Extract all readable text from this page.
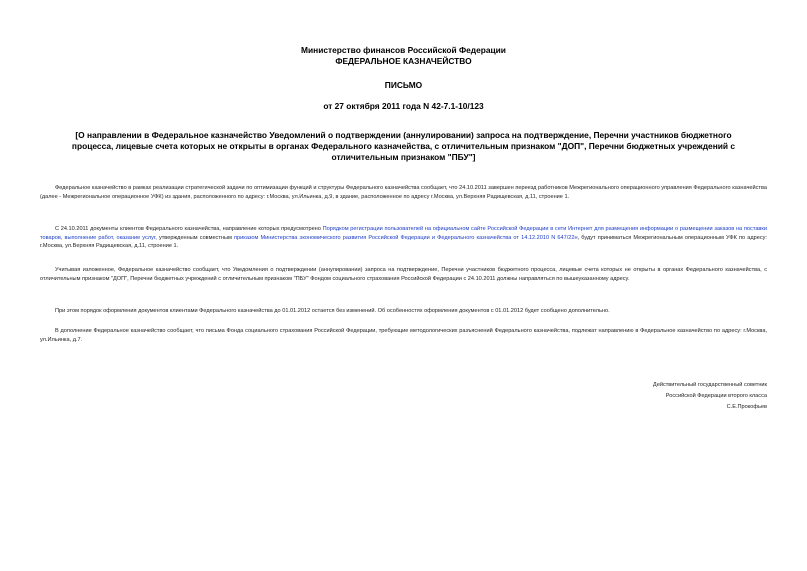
Министерство финансов Российской Федерации
ФЕДЕРАЛЬНОЕ КАЗНАЧЕЙСТВО
ПИСЬМО
от 27 октября 2011 года N 42-7.1-10/123
[О направлении в Федеральное казначейство Уведомлений о подтверждении (аннулировании) запроса на подтверждение, Перечни участников бюджетного процесса, лицевые счета которых не открыты в органах Федерального казначейства, с отличительным признаком "ДОП", Перечни бюджетных учреждений с отличительным признаком "ПБУ"]

Федеральное казначейство в рамках реализации стратегической задачи по оптимизации функций и структуры Федерального казначейства сообщает, что 24.10.2011 завершен переезд работников Межрегионального операционного управления Федерального казначейства (далее - Межрегиональное операционное УФК) из здания, расположенного по адресу: г.Москва, ул.Ильинка, д.9, в здание, расположенное по адресу г.Москва, ул.Верхняя Радищевская, д.11, строение 1.

С 24.10.2011 документы клиентов Федерального казначейства, направление которых предусмотрено Порядком регистрации пользователей на официальном сайте Российской Федерации в сети Интернет для размещения информации о размещении заказов на поставки товаров, выполнение работ, оказание услуг, утвержденным совместным приказом Министерства экономического развития Российской Федерации и Федерального казначейства от 14.12.2010 N 647/22н, будут приниматься Межрегиональным операционным УФК по адресу: г.Москва, ул.Верхняя Радищевская, д.11, строение 1.

Учитывая изложенное, Федеральное казначейство сообщает, что Уведомления о подтверждении (аннулировании) запроса на подтверждение, Перечни участников бюджетного процесса, лицевые счета которых не открыты в органах Федерального казначейства, с отличительным признаком "ДОП", Перечни бюджетных учреждений с отличительным признаком "ПБУ" Фондом социального страхования Российской Федерации с 24.10.2011 должны направляться по вышеуказанному адресу.

При этом порядок оформления документов клиентами Федерального казначейства до 01.01.2012 остается без изменений. Об особенностях оформления документов с 01.01.2012 будет сообщено дополнительно.

В дополнение Федеральное казначейство сообщает, что письма Фонда социального страхования Российской Федерации, требующие методологических разъяснений Федерального казначейства, подлежат направлению в Федеральное казначейство по адресу: г.Москва, ул.Ильинка, д.7.

Действительный государственный советник
Российской Федерации второго класса
С.Е.Прокофьев
